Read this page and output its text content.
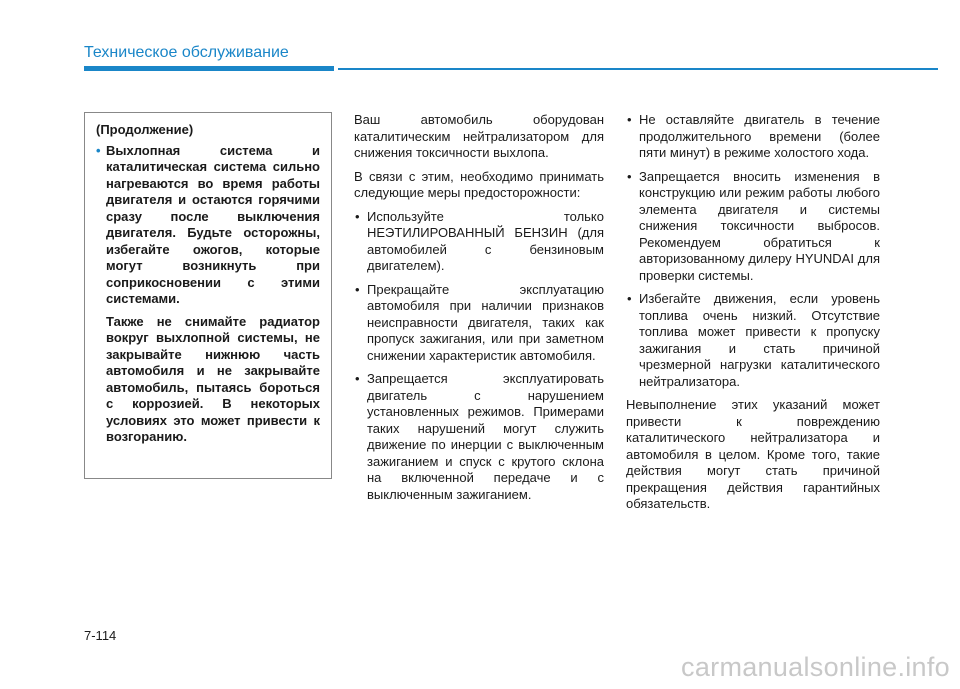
Техническое обслуживание

(Продолжение)

• Выхлопная система и каталитическая система сильно нагреваются во время работы двигателя и остаются горячими сразу после выключения двигателя. Будьте осторожны, избегайте ожогов, которые могут возникнуть при соприкосновении с этими системами.

Также не снимайте радиатор вокруг выхлопной системы, не закрывайте нижнюю часть автомобиля и не закрывайте автомобиль, пытаясь бороться с коррозией. В некоторых условиях это может привести к возгоранию.

Ваш автомобиль оборудован каталитическим нейтрализатором для снижения токсичности выхлопа.

В связи с этим, необходимо принимать следующие меры предосторожности:

• Используйте только НЕЭТИЛИРОВАННЫЙ БЕНЗИН (для автомобилей с бензиновым двигателем).
• Прекращайте эксплуатацию автомобиля при наличии признаков неисправности двигателя, таких как пропуск зажигания, или при заметном снижении характеристик автомобиля.
• Запрещается эксплуатировать двигатель с нарушением установленных режимов. Примерами таких нарушений могут служить движение по инерции с выключенным зажиганием и спуск с крутого склона на включенной передаче и с выключенным зажиганием.
• Не оставляйте двигатель в течение продолжительного времени (более пяти минут) в режиме холостого хода.
• Запрещается вносить изменения в конструкцию или режим работы любого элемента двигателя и системы снижения токсичности выбросов. Рекомендуем обратиться к авторизованному дилеру HYUNDAI для проверки системы.
• Избегайте движения, если уровень топлива очень низкий. Отсутствие топлива может привести к пропуску зажигания и стать причиной чрезмерной нагрузки каталитического нейтрализатора.

Невыполнение этих указаний может привести к повреждению каталитического нейтрализатора и автомобиля в целом. Кроме того, такие действия могут стать причиной прекращения действия гарантийных обязательств.

7-114
carmanualsonline.info
